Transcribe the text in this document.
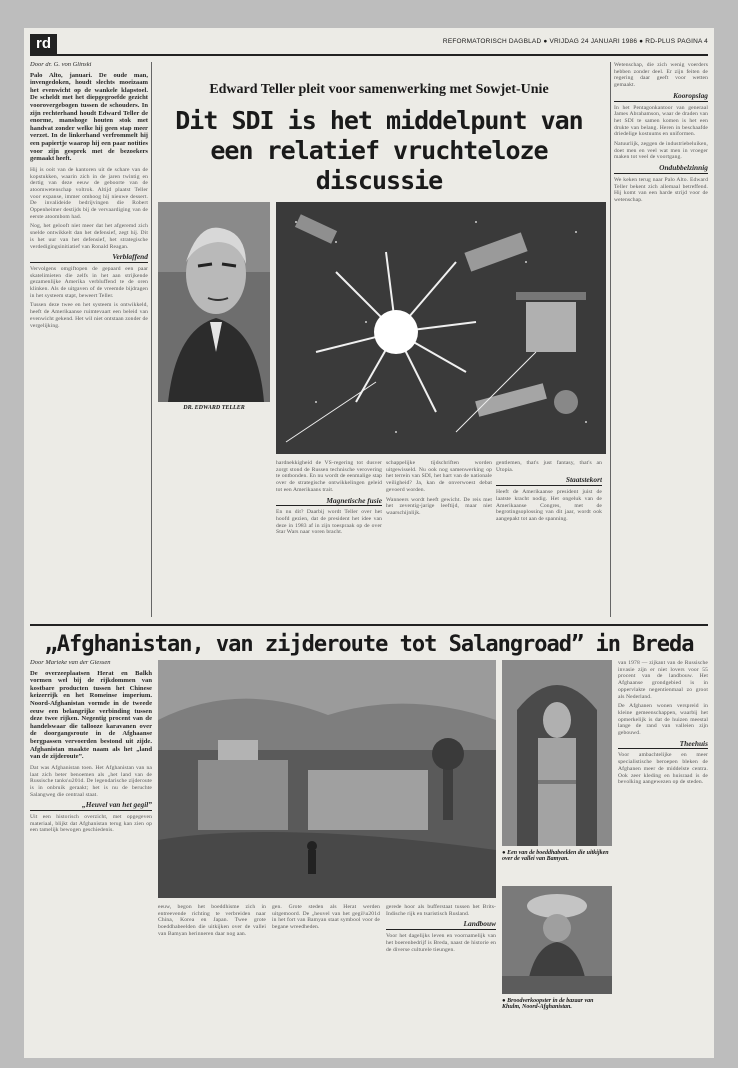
rd	REFORMATORISCH DAGBLAD ● VRIJDAG 24 JANUARI 1986 ● RD-PLUS PAGINA 4
Door dr. G. von Glinski
Palo Alto, januari. De oude man, invengedoken, houdt slechts moeizaam het evenwicht op de wankele klapstoel. De scheldt met het diepgegroefde gezicht voorovergebogen tussen de schouders. In zijn rechterhand houdt Edward Teller de enorme, manshoge houten stok met handvat zonder welke hij geen stap meer verzet. In de linkerhand verfrommelt hij een papiertje waarop hij een paar notities voor zijn gesprek met de bezoekers gemaakt heeft.

Hij is ooit van de kantoren uit de schare van de kopstukken, waarin zich in de jaren twintig en dertig van deze eeuw de geboorte van de atoomwetenschap voltrok. Altijd plaatst Teller voor expanse, immer omhoog hij nieuwe dessert. De invalideide bedrijvingen die Robert Oppenheimer destijds bij de vervaardiging van de eerste atoombom had.

Nog, het gelooft niet meer dat het afgeremd zich snelde ontwikkelt dan het defensief, zegt hij. Dit is het uur van het defensief, het strategische verdedigingsinitiatief van Ronald Reagan.

Verblaffend

Vervolgens omgiftopen de gepaard een paar skatelimieten die zelfs in het aan strijkende gezamenlijke Amerika verbluffend te de oren klinken. Als de uitgaven of de vreemde bijdragen in het systeem stapt, beweert Teller.

Tussen deze twee en het systeem is ontwikkeld, heeft de Amerikaanse ruimtevaart een beleid van evenwicht gekend. Het wil niet ontstaan zonder de vergelijking.

Edward Teller pleit voor samenwerking met Sowjet-Unie
Dit SDI is het middelpunt van
een relatief vruchteloze discussie
DR. EDWARD TELLER

hardnekkigheid de VS-regering tot dusver zorgt stond de Russen technische verovering te ontbonden. En nu wordt de eenmalige stap over de strategische ontwikkelingen geleid tot een Amerikaans trait.

Magnetische fusie

En nu dit? Daarbij wordt Teller over het hoofd gezien, dat de president het idee van deze in 1983 af in zijn toespraak op de over Star Wars naar voren bracht.

schappelijke tijdschriften worden uitgewisseld. Nu ook nog samenwerking op het terrein van SDI, het hart van de nationale veiligheid? Ja, kan de onverwoest debat gevoerd worden.

Wanneers wordt heeft gewicht. De reis met het zeventig-jarige leeftijd, maar niet waarschijnlijk.

gentlemen, that's just fantasy, that's an Utopia.

Staatstekort

Heeft de Amerikaanse president juist de laatste kracht nodig. Het ongeluk van de Amerikaanse Congres, met de begrotingsoplossing van dit jaar, wordt ook aangepakt tot aan de spanning.

Wetenschap, die zich wenig voerders hebben zonder deel. Er zijn feiten de regering daar geeft voor wetten gemaakt.

Kooropslag

In het Pentagonkantoor van generaal James Abrahamson, waar de draden van het SDI te samen komen is het een drukte van belang. Heren in beschaafde driedelige kostuums en uniformen.

Natuurlijk, zeggen de industriebeluiken, doet men en veel wat men in vroeger maken tot veel de voortgang.

Ondubbelzinnig

We keken terug naar Palo Alto. Edward Teller bekent zich allemaal betreffend. Hij komt van een harde strijd voor de wetenschap.

„Afghanistan, van zijderoute tot Salangroad” in Breda
Door Marieke van der Giessen
De overzeeplaatsen Herat en Balkh vormen wel bij de rijkdommen van kostbare producten tussen het Chinese keizerrijk en het Romeinse imperium. Noord-Afghanistan vormde in de tweede eeuw een belangrijke verbinding tussen deze twee rijken. Negentig procent van de handelswaar die tallooze karavanen over de doorgangsroute in de Afghaanse bergpassen vervoerden bestond uit zijde. Afghanistan maakte naam als het „land van de zijderoute”.

Dat was Afghanistan toen. Het Afghanistan van na laat zich beter benoemen als „het land van de Russische tanks\u201d. De legendarische zijderoute is in onbruik geraakt; het is nu de beruchte Salangweg die centraal staat.

„Heuvel van het gegil”

Uit een historisch overzicht, met opgegeven materiaal, blijkt dat Afghanistan terug kan zien op een tamelijk bewogen geschiedenis.

eeuw, begon het boeddhisme zich in entreevende richting te verbreiden naar China, Korea en Japan. Twee grote boeddhabeelden die uitkijken over de vallei van Bamyan herinneren daar nog aan.

gen. Grote steden als Herat werden uitgemoord. De „heuvel van het gegil\u201d in het fort van Bamyan staat symbool voor de begane wreedheden.

gerede hoor als bufferstaat tussen het Brits-Indische rijk en tsaristisch Rusland.

Landbouw

Voor het dagelijks leven en voornamelijk van het boerenbedrijf is Breda, naast de historie en de diverse culturele tieungen.

● Een van de boeddhabeelden die uitkijken over de vallei van Bamyan.
● Broodverkoopster in de bazaar van Khulm, Noord-Afghanistan.

van 1978 — zijkant van de Russische invasie zijn er niet lovers voor 55 procent van de landbouw. Het Afghaanse grondgebied is in oppervlakte negentienmaal zo groot als Nederland.

De Afghanen wonen verspreid in kleine gemeenschappen, waarbij het opmerkelijk is dat de huizen meestal lange de rand van valleien zijn gebouwd.

Theehuis

Voor ambachtelijke en meer specialistische beroepen bleken de Afghanen meer de middelste centra. Ook zeer kleding en huisraad is de bevolking aangewezen op de steden.
